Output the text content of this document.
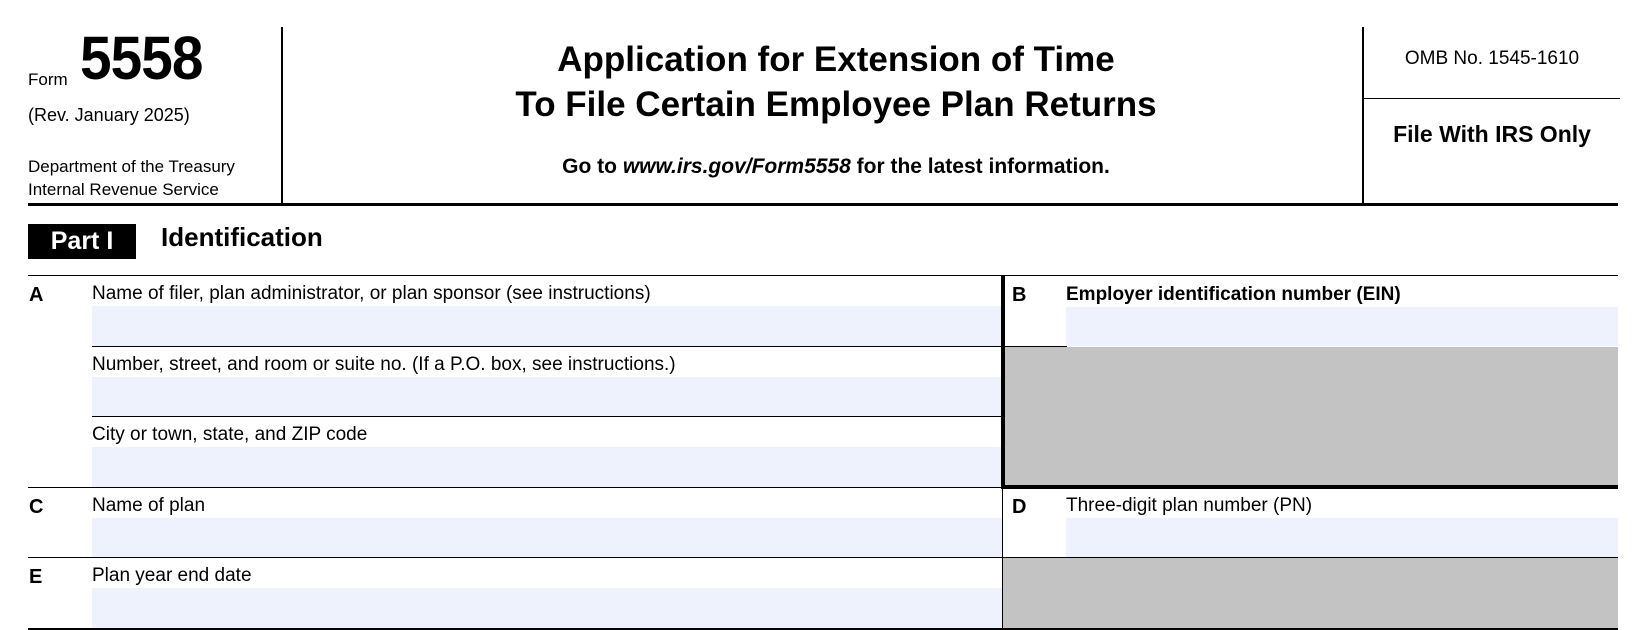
Form 5558
(Rev. January 2025)
Department of the Treasury
Internal Revenue Service
Application for Extension of Time
To File Certain Employee Plan Returns
Go to www.irs.gov/Form5558 for the latest information.
OMB No. 1545-1610
File With IRS Only
Part I	Identification
A	Name of filer, plan administrator, or plan sponsor (see instructions)
Number, street, and room or suite no. (If a P.O. box, see instructions.)
City or town, state, and ZIP code
B Employer identification number (EIN)
C	Name of plan	D Three-digit plan number (PN)
E	Plan year end date
